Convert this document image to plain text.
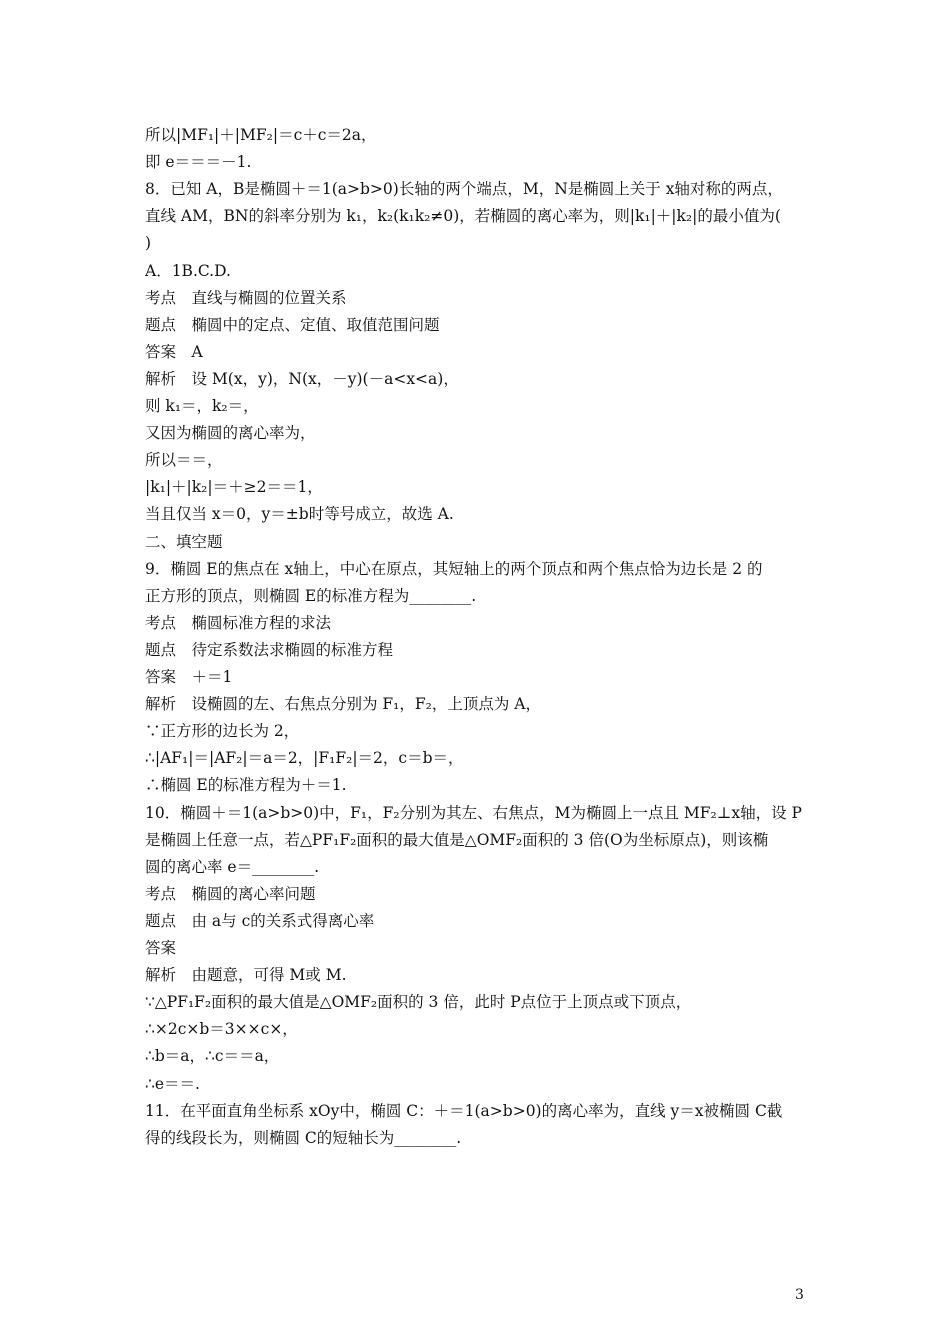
所以|MF₁|＋|MF₂|＝c＋c＝2a，
即 e＝＝＝－1.
8．已知 A，B是椭圆＋＝1(a>b>0)长轴的两个端点，M，N是椭圆上关于 x轴对称的两点，
直线 AM，BN的斜率分别为 k₁，k₂(k₁k₂≠0)，若椭圆的离心率为，则|k₁|＋|k₂|的最小值为(
)
A．1B.C.D.
考点　直线与椭圆的位置关系
题点　椭圆中的定点、定值、取值范围问题
答案　A
解析　设 M(x，y)，N(x，－y)(－a<x<a)，
则 k₁＝，k₂＝，
又因为椭圆的离心率为，
所以＝＝，
|k₁|＋|k₂|＝＋≥2＝＝1，
当且仅当 x＝0，y＝±b时等号成立，故选 A.
二、填空题
9．椭圆 E的焦点在 x轴上，中心在原点，其短轴上的两个顶点和两个焦点恰为边长是 2 的
正方形的顶点，则椭圆 E的标准方程为________.
考点　椭圆标准方程的求法
题点　待定系数法求椭圆的标准方程
答案　＋＝1
解析　设椭圆的左、右焦点分别为 F₁，F₂，上顶点为 A，
∵正方形的边长为 2，
∴|AF₁|＝|AF₂|＝a＝2，|F₁F₂|＝2，c＝b＝，
∴椭圆 E的标准方程为＋＝1.
10．椭圆＋＝1(a>b>0)中，F₁，F₂分别为其左、右焦点，M为椭圆上一点且 MF₂⊥x轴，设 P
是椭圆上任意一点，若△PF₁F₂面积的最大值是△OMF₂面积的 3 倍(O为坐标原点)，则该椭
圆的离心率 e＝________.
考点　椭圆的离心率问题
题点　由 a与 c的关系式得离心率
答案
解析　由题意，可得 M或 M.
∵△PF₁F₂面积的最大值是△OMF₂面积的 3 倍，此时 P点位于上顶点或下顶点，
∴×2c×b＝3××c×，
∴b＝a，∴c＝＝a，
∴e＝＝.
11．在平面直角坐标系 xOy中，椭圆 C：＋＝1(a>b>0)的离心率为，直线 y＝x被椭圆 C截
得的线段长为，则椭圆 C的短轴长为________.
3
